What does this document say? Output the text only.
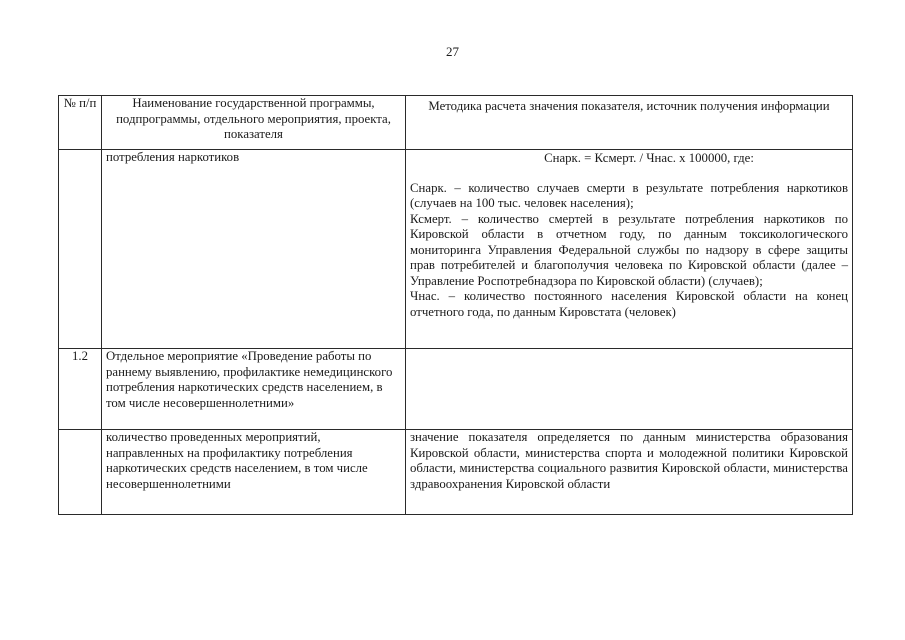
27
№ п/п	Наименование государственной программы, подпрограммы, отдельного мероприятия, проекта, показателя	Методика расчета значения показателя, источник получения информации
	потребления наркотиков	Снарк. = Ксмерт. / Чнас. х 100000, где:

Снарк. – количество случаев смерти в результате потребления наркотиков (случаев на 100 тыс. человек населения);

Ксмерт. – количество смертей в результате потребления наркотиков по Кировской области в отчетном году, по данным токсикологического мониторинга Управления Федеральной службы по надзору в сфере защиты прав потребителей и благополучия человека по Кировской области (далее – Управление Роспотребнадзора по Кировской области) (случаев);

Чнас. – количество постоянного населения Кировской области на конец отчетного года, по данным Кировстата (человек)

1.2	Отдельное мероприятие «Проведение работы по раннему выявлению, профилактике немедицинского потребления наркотических средств населением, в том числе несовершеннолетними»	
	количество проведенных мероприятий, направленных на профилактику потребления наркотических средств населением, в том числе несовершеннолетними	значение показателя определяется по данным министерства образования Кировской области, министерства спорта и молодежной политики Кировской области, министерства социального развития Кировской области, министерства здравоохранения Кировской области
